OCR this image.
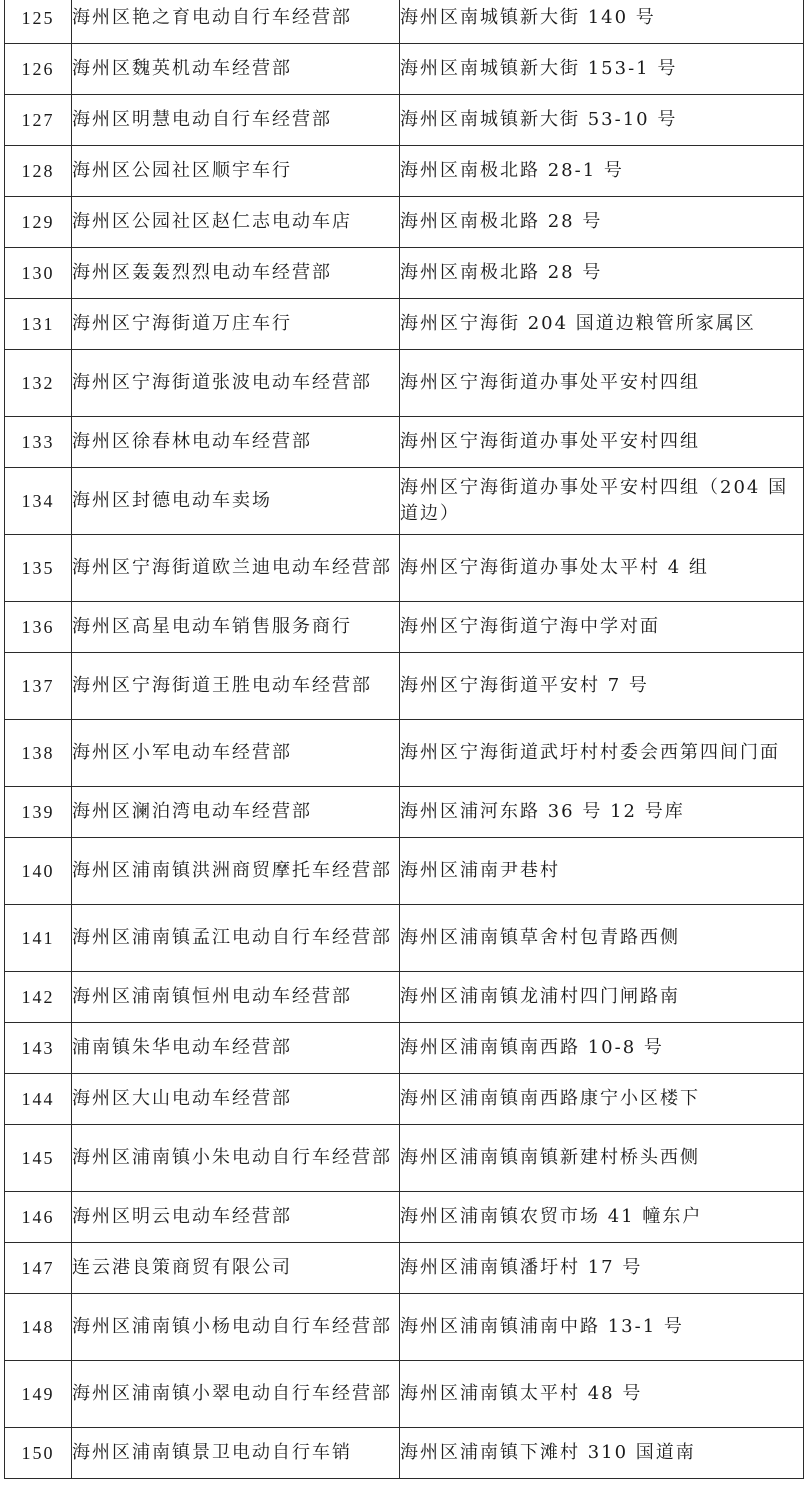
125	海州区艳之育电动自行车经营部	海州区南城镇新大街 140 号
126	海州区魏英机动车经营部	海州区南城镇新大街 153-1 号
127	海州区明慧电动自行车经营部	海州区南城镇新大街 53-10 号
128	海州区公园社区顺宇车行	海州区南极北路 28-1 号
129	海州区公园社区赵仁志电动车店	海州区南极北路 28 号
130	海州区轰轰烈烈电动车经营部	海州区南极北路 28 号
131	海州区宁海街道万庄车行	海州区宁海街 204 国道边粮管所家属区
132	海州区宁海街道张波电动车经营部	海州区宁海街道办事处平安村四组
133	海州区徐春林电动车经营部	海州区宁海街道办事处平安村四组
134	海州区封德电动车卖场	海州区宁海街道办事处平安村四组（204 国道边）
135	海州区宁海街道欧兰迪电动车经营部	海州区宁海街道办事处太平村 4 组
136	海州区高星电动车销售服务商行	海州区宁海街道宁海中学对面
137	海州区宁海街道王胜电动车经营部	海州区宁海街道平安村 7 号
138	海州区小军电动车经营部	海州区宁海街道武圩村村委会西第四间门面
139	海州区澜泊湾电动车经营部	海州区浦河东路 36 号 12 号库
140	海州区浦南镇洪洲商贸摩托车经营部	海州区浦南尹巷村
141	海州区浦南镇孟江电动自行车经营部	海州区浦南镇草舍村包青路西侧
142	海州区浦南镇恒州电动车经营部	海州区浦南镇龙浦村四门闸路南
143	浦南镇朱华电动车经营部	海州区浦南镇南西路 10-8 号
144	海州区大山电动车经营部	海州区浦南镇南西路康宁小区楼下
145	海州区浦南镇小朱电动自行车经营部	海州区浦南镇南镇新建村桥头西侧
146	海州区明云电动车经营部	海州区浦南镇农贸市场 41 幢东户
147	连云港良策商贸有限公司	海州区浦南镇潘圩村 17 号
148	海州区浦南镇小杨电动自行车经营部	海州区浦南镇浦南中路 13-1 号
149	海州区浦南镇小翠电动自行车经营部	海州区浦南镇太平村 48 号
150	海州区浦南镇景卫电动自行车销	海州区浦南镇下滩村 310 国道南
